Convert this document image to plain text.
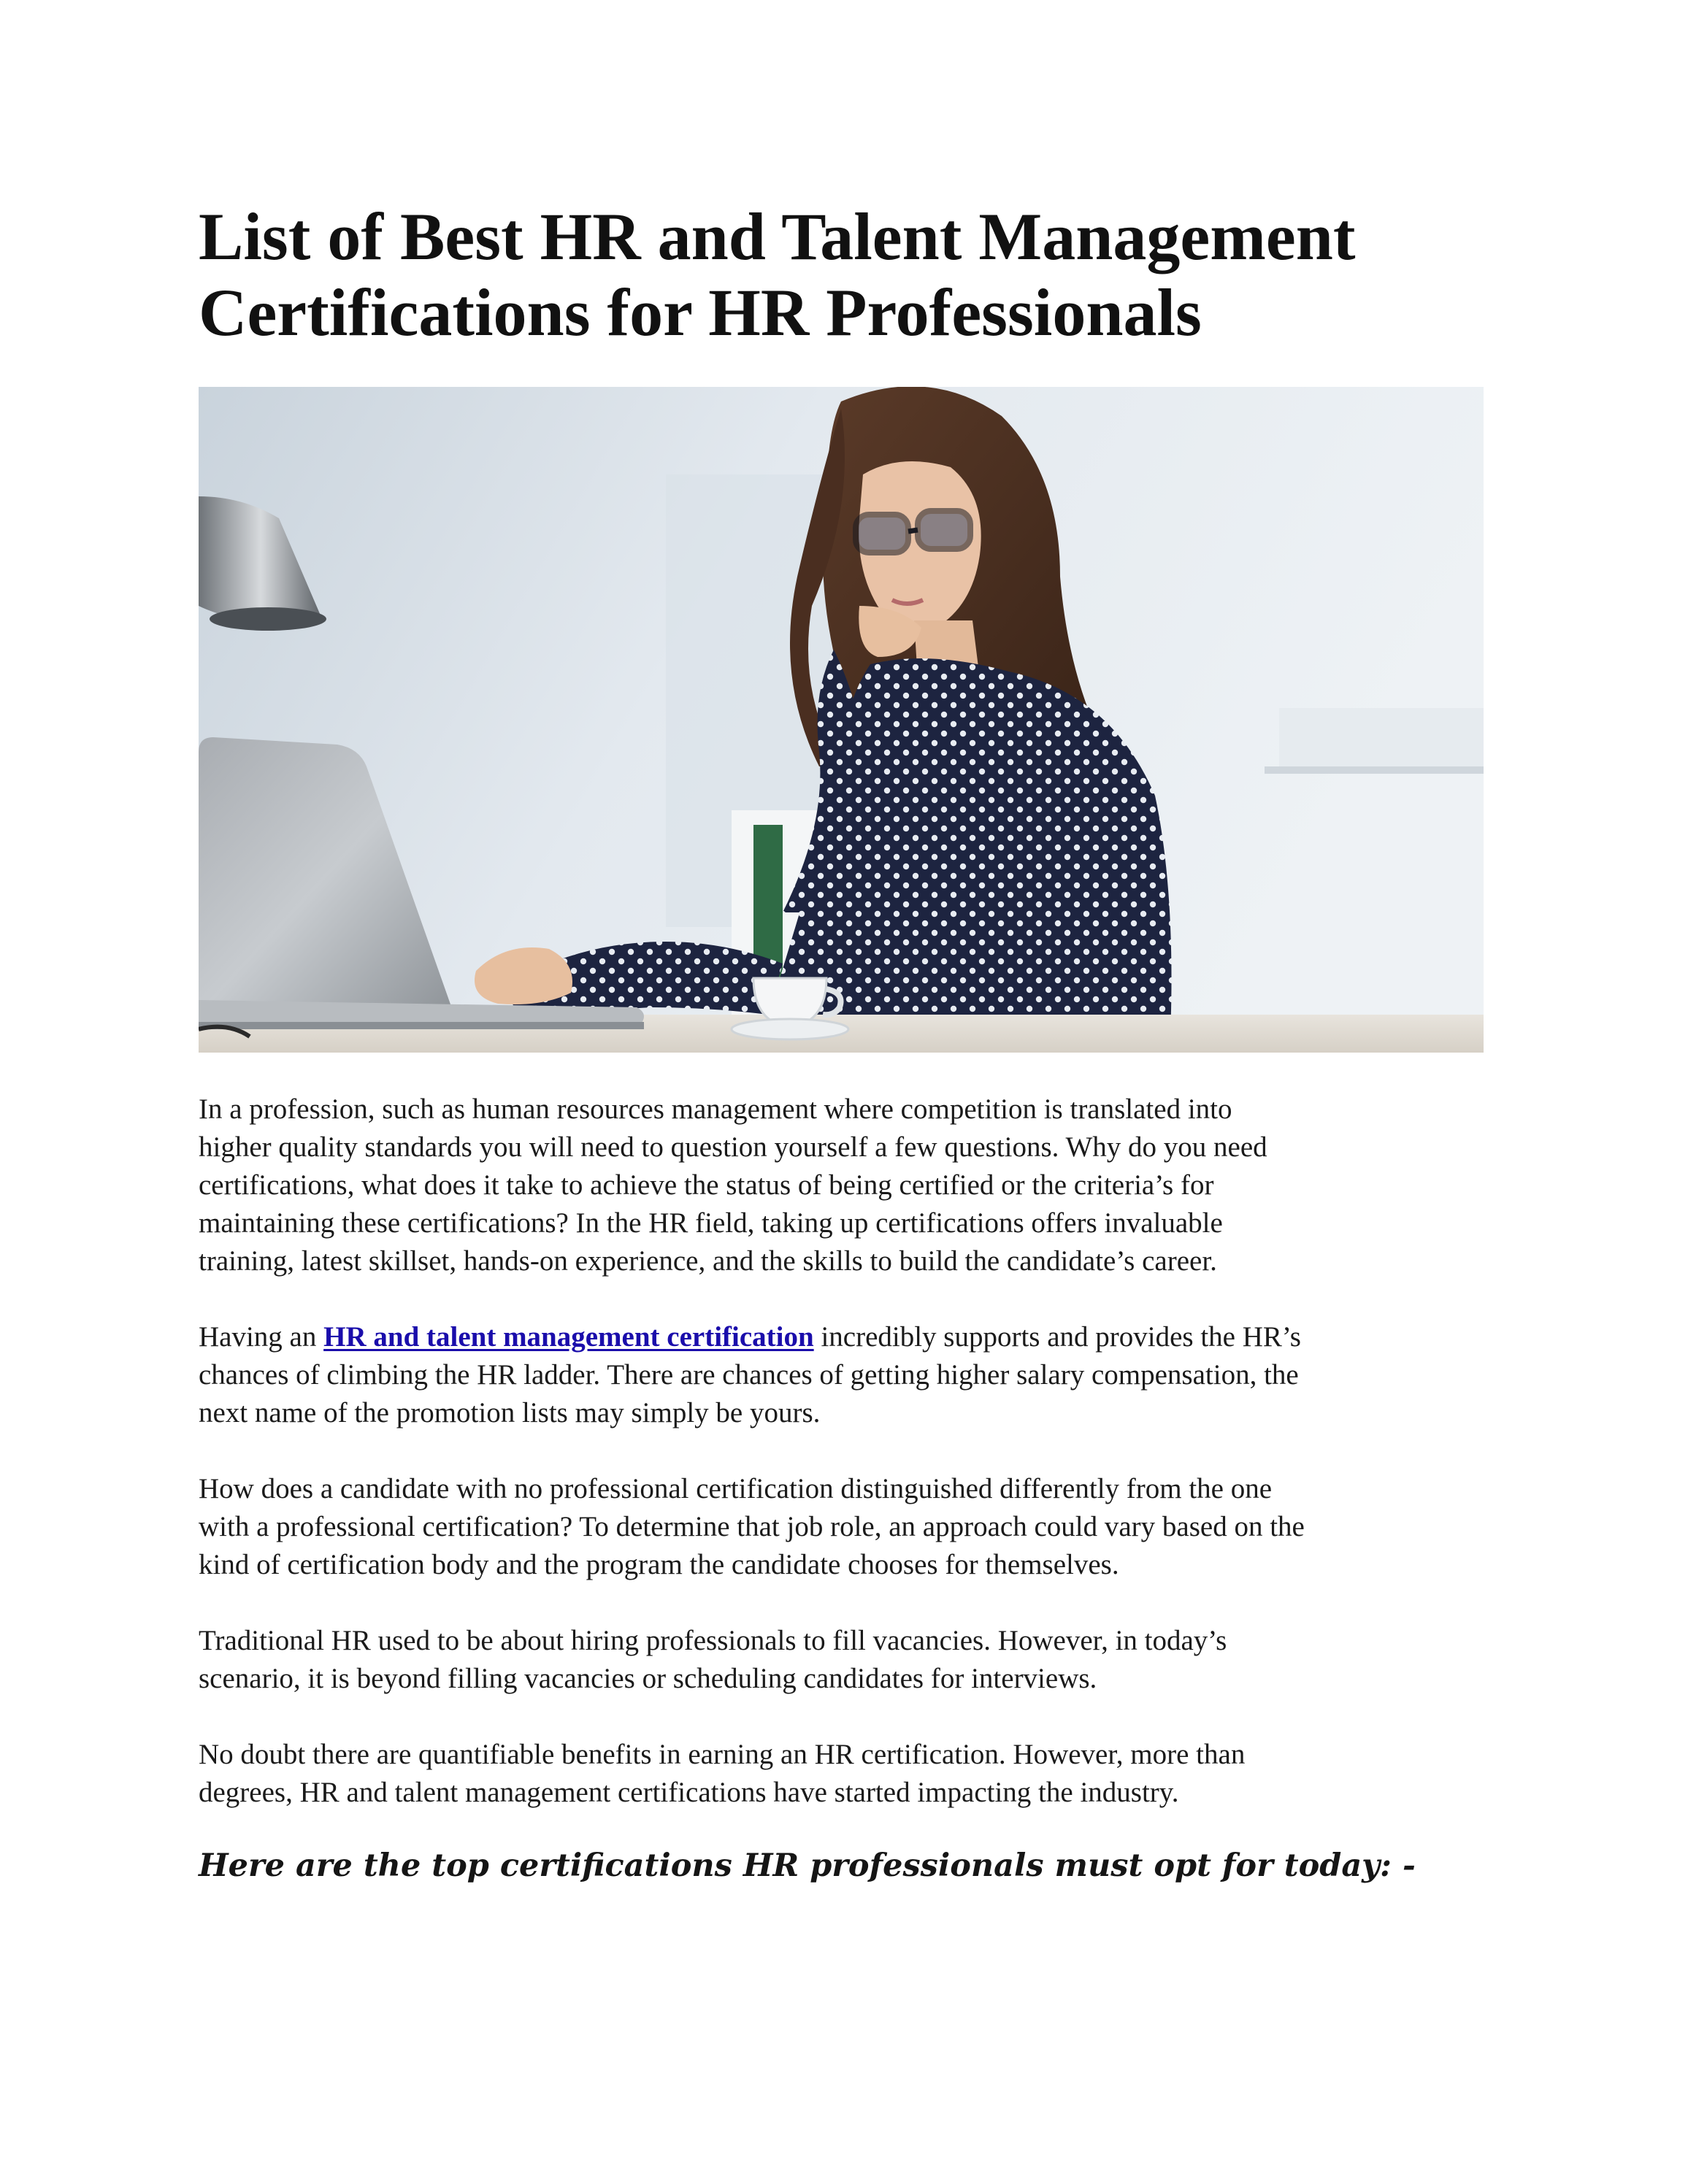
List of Best HR and Talent Management
Certifications for HR Professionals

In a profession, such as human resources management where competition is translated into
higher quality standards you will need to question yourself a few questions. Why do you need
certifications, what does it take to achieve the status of being certified or the criteria’s for
maintaining these certifications? In the HR field, taking up certifications offers invaluable
training, latest skillset, hands-on experience, and the skills to build the candidate’s career.

Having an HR and talent management certification incredibly supports and provides the HR’s
chances of climbing the HR ladder. There are chances of getting higher salary compensation, the
next name of the promotion lists may simply be yours.

How does a candidate with no professional certification distinguished differently from the one
with a professional certification? To determine that job role, an approach could vary based on the
kind of certification body and the program the candidate chooses for themselves.

Traditional HR used to be about hiring professionals to fill vacancies. However, in today’s
scenario, it is beyond filling vacancies or scheduling candidates for interviews.

No doubt there are quantifiable benefits in earning an HR certification. However, more than
degrees, HR and talent management certifications have started impacting the industry.

Here are the top certifications HR professionals must opt for today: -
